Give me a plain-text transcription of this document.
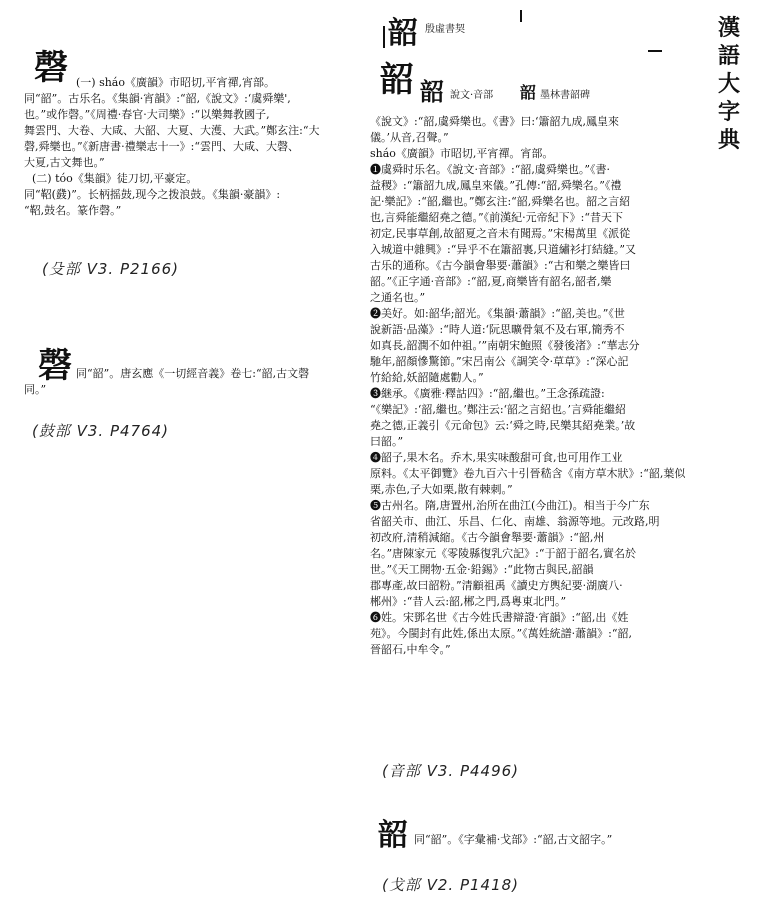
漢
語
大
字
典
磬 (一) sháo《廣韻》市昭切,平宵禪,宵部。

同“韶”。古乐名。《集韻·宵韻》:“韶,《說文》:‘虞舜樂',

也。”或作磬。”《周禮·春官·大司樂》:“以樂舞教國子,

舞雲門、大卷、大咸、大韶、大夏、大濩、大武。”鄭玄注:“大

磬,舜樂也。”《新唐書·禮樂志十一》:“雲門、大咸、大磬、

大夏,古文舞也。”

(二) tóo《集韻》徒刀切,平豪定。

同“鞀(鼗)”。长柄摇鼓,现今之拨浪鼓。《集韻·豪韻》:

“鞀,鼓名。篆作磬。”

(殳部 V3. P2166)
磬 同“韶”。唐玄應《一切經音義》卷七:“韶,古文磬

同。”

(鼓部 V3. P4764)
韶 殷虛書契
韶 韶 說文·音部 韶 墨林書韶碑

《說文》:“韶,虞舜樂也。《書》曰:‘簫韶九成,鳳皇來

儀。’从音,召聲。”

sháo《廣韻》市昭切,平宵禪。宵部。

❶虞舜时乐名。《說文·音部》:“韶,虞舜樂也。”《書·

益稷》:“簫韶九成,鳳皇來儀。”孔傳:“韶,舜樂名。”《禮

記·樂記》:“韶,繼也。”鄭玄注:“韶,舜樂名也。韶之言紹

也,言舜能繼紹堯之德。”《前漢紀·元帝紀下》:“昔天下

初定,民事草創,故韶夏之音未有聞焉。”宋楊萬里《派從

入城道中雜興》:“异乎不在簫韶裏,只道繡衫打結縫。”又

古乐的通称。《古今韻會舉要·蕭韻》:“古和樂之樂皆曰

韶。”《正字通·音部》:“韶,夏,商樂皆有韶名,韶者,樂

之通名也。”

❷美好。如:韶华;韶光。《集韻·蕭韻》:“韶,美也。”《世

說新語·品藻》:“時人道:‘阮思曠骨氣不及右軍,簡秀不

如真長,韶潤不如仲祖。’”南朝宋鮑照《發後渚》:“華志分

馳年,韶顏慘驚節。”宋呂南公《調笑令·草草》:“深心記

竹給給,妖韶隨處勸人。”

❸継承。《廣雅·釋詁四》:“韶,繼也。”王念孫疏證:

“《樂記》:‘韶,繼也。’鄭注云:‘韶之言紹也。’言舜能繼紹

堯之德,正義引《元命包》云:‘舜之時,民樂其紹堯業。’故

曰韶。”

❹韶子,果木名。乔木,果实味酸甜可食,也可用作工业

原料。《太平御覽》卷九百六十引晉嵇含《南方草木狀》:“韶,葉似

栗,赤色,子大如栗,散有棘刺。”

❺古州名。隋,唐置州,治所在曲江(今曲江)。相当于今广东

省韶关市、曲江、乐昌、仁化、南雄、翁源等地。元改路,明

初改府,清稍減縮。《古今韻會舉要·蕭韻》:“韶,州

名。”唐陳家元《零陵縣復乳穴記》:“于韶于韶名,實名於

世。”《天工開物·五金·鉛錫》:“此物古與民,韶韻

郡專產,故曰韶粉。”清顧祖禹《讀史方輿紀要·湖廣八·

郴州》:“昔人云:韶,郴之門,爲粵東北門。”

❻姓。宋鄧名世《古今姓氏書辯證·宵韻》:“韶,出《姓

苑》。今閩封有此姓,係出太原。”《萬姓統譜·蕭韻》:“韶,

晉韶石,中牟令。”

(音部 V3. P4496)
韶 同“韶”。《字彙補·戈部》:“韶,古文韶字。”
(戈部 V2. P1418)
